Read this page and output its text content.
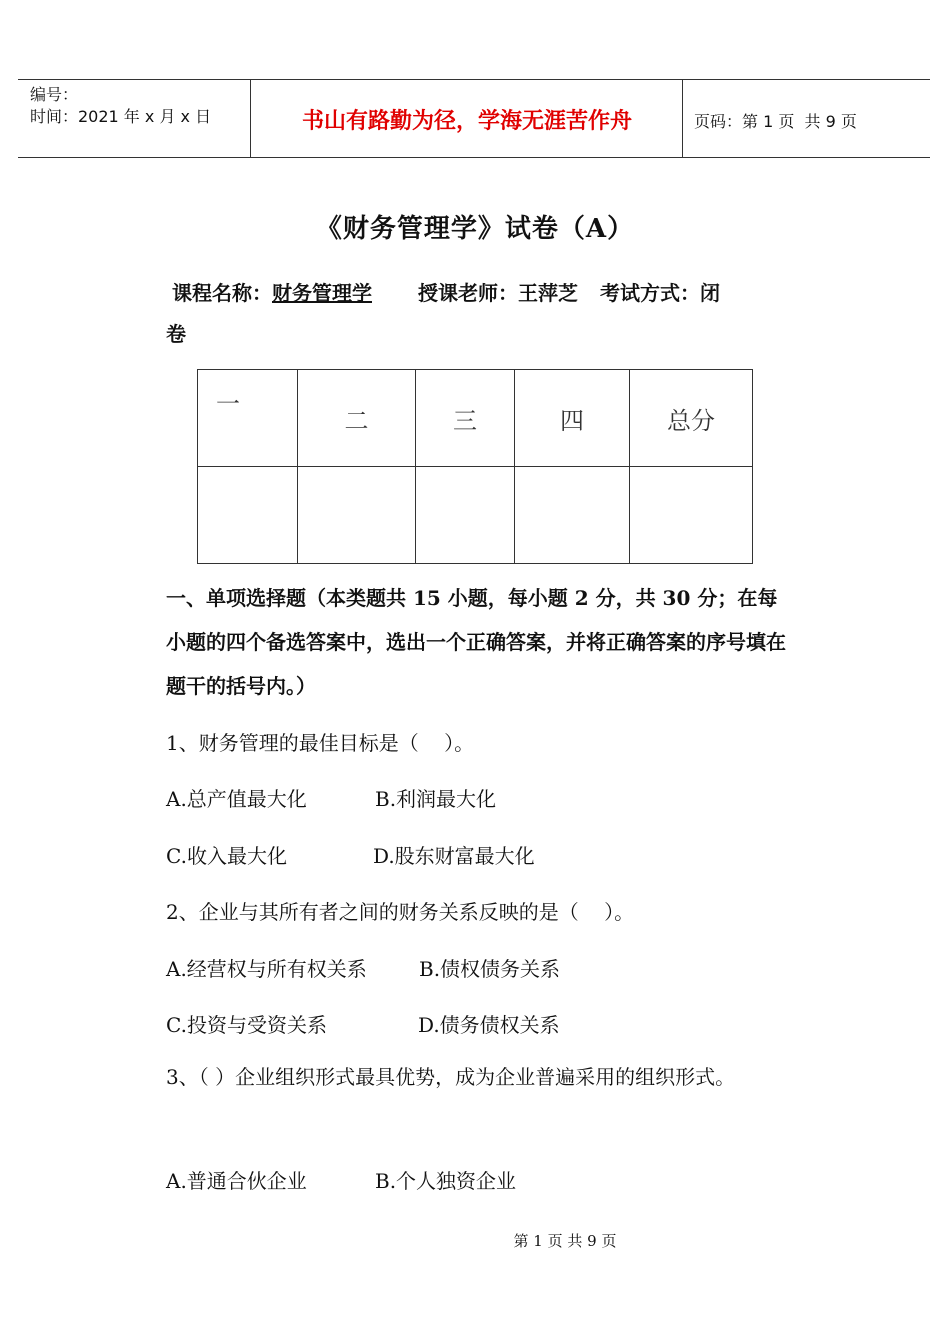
编号：
时间：2021 年 x 月 x 日	书山有路勤为径，学海无涯苦作舟	页码：第 1 页  共 9 页
《财务管理学》试卷（A）
课程名称：财务管理学 授课老师：王萍芝 考试方式：闭
卷
一	二	三	四	总分

一、单项选择题（本类题共 15 小题，每小题 2 分，共 30 分；在每小题的四个备选答案中，选出一个正确答案，并将正确答案的序号填在题干的括号内。）
1、财务管理的最佳目标是（    ）。
A.总产值最大化	B.利润最大化
C.收入最大化	D.股东财富最大化
2、企业与其所有者之间的财务关系反映的是（    ）。
A.经营权与所有权关系	B.债权债务关系
C.投资与受资关系	D.债务债权关系
3、（ ）企业组织形式最具优势，成为企业普遍采用的组织形式。
A.普通合伙企业	B.个人独资企业
第 1 页 共 9 页
